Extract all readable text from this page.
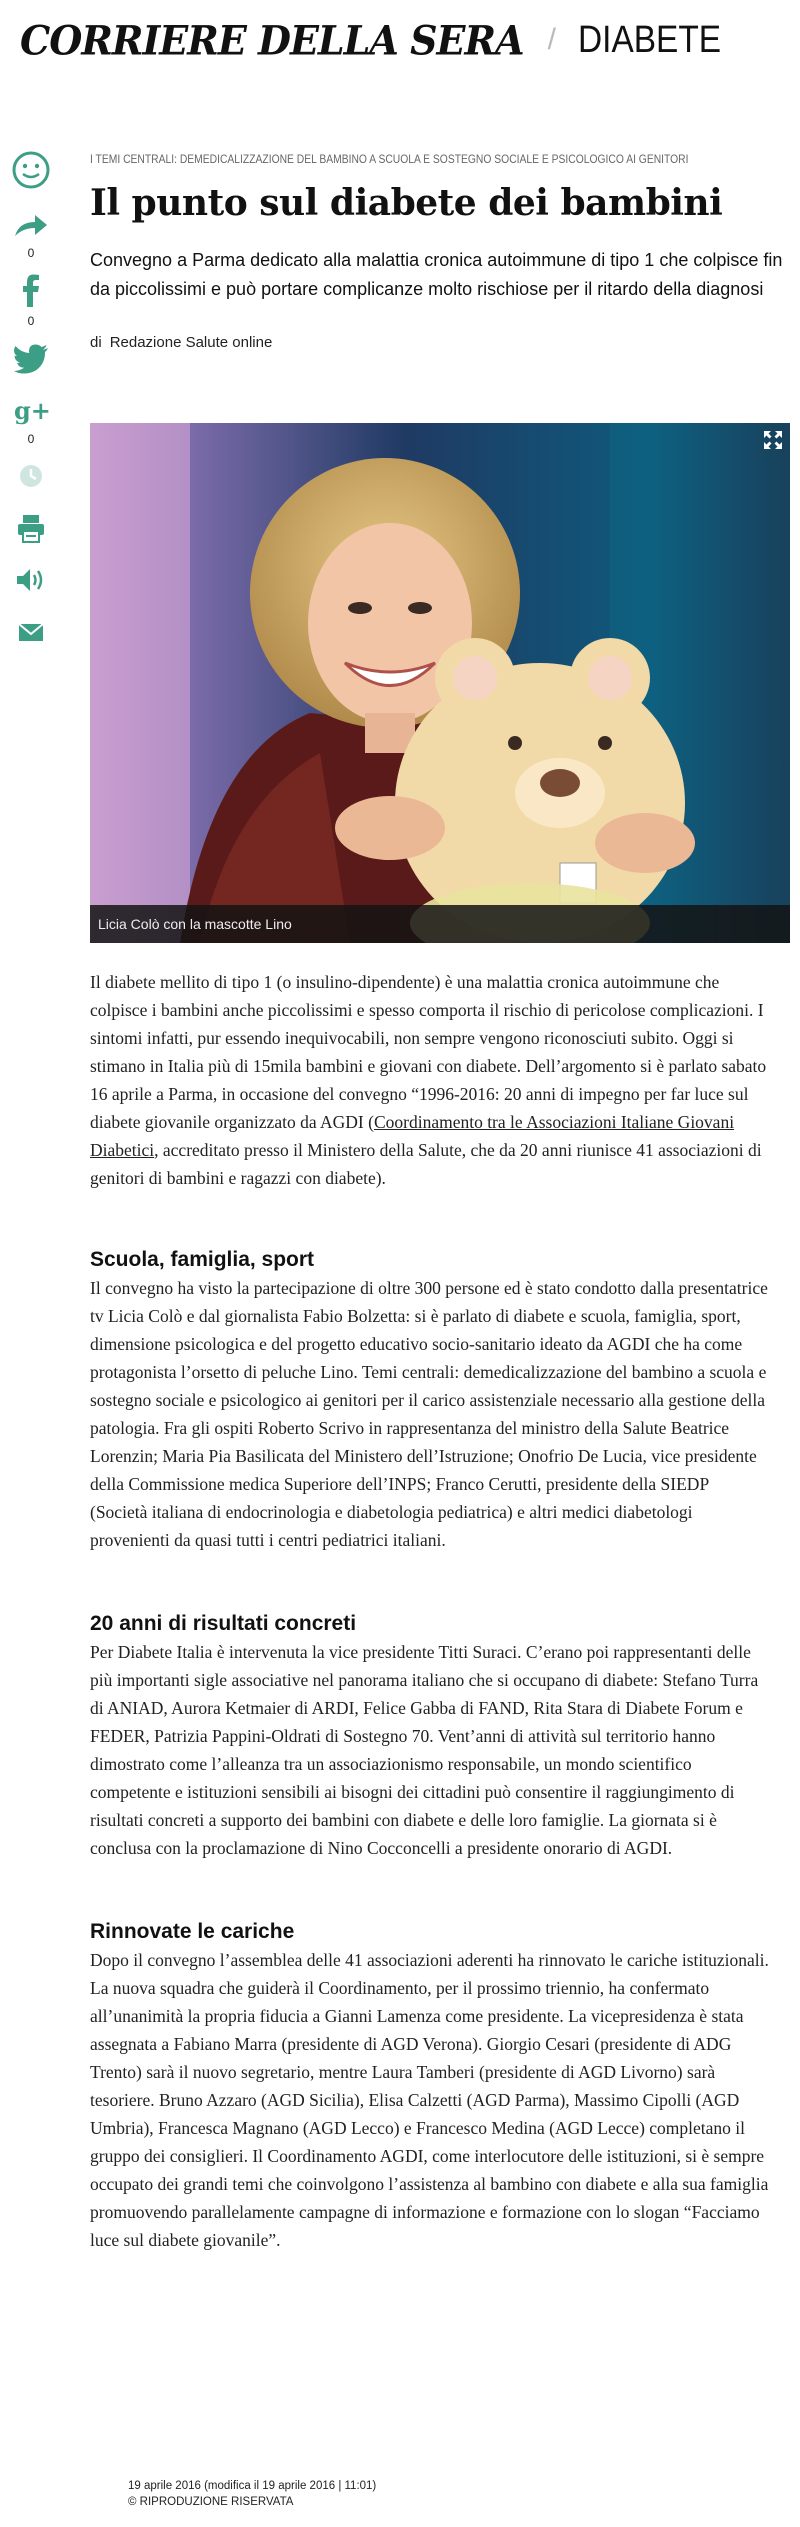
CORRIERE DELLA SERA / DIABETE
0
0
g+
0
I TEMI CENTRALI: DEMEDICALIZZAZIONE DEL BAMBINO A SCUOLA E SOSTEGNO SOCIALE E PSICOLOGICO AI GENITORI
Il punto sul diabete dei bambini
Convegno a Parma dedicato alla malattia cronica autoimmune di tipo 1 che colpisce fin da piccolissimi e può portare complicanze molto rischiose per il ritardo della diagnosi
di Redazione Salute online
Licia Colò con la mascotte Lino

Il diabete mellito di tipo 1 (o insulino-dipendente) è una malattia cronica autoimmune che colpisce i bambini anche piccolissimi e spesso comporta il rischio di pericolose complicazioni. I sintomi infatti, pur essendo inequivocabili, non sempre vengono riconosciuti subito. Oggi si stimano in Italia più di 15mila bambini e giovani con diabete. Dell’argomento si è parlato sabato 16 aprile a Parma, in occasione del convegno “1996-2016: 20 anni di impegno per far luce sul diabete giovanile organizzato da AGDI (Coordinamento tra le Associazioni Italiane Giovani Diabetici, accreditato presso il Ministero della Salute, che da 20 anni riunisce 41 associazioni di genitori di bambini e ragazzi con diabete).

Scuola, famiglia, sport

Il convegno ha visto la partecipazione di oltre 300 persone ed è stato condotto dalla presentatrice tv Licia Colò e dal giornalista Fabio Bolzetta: si è parlato di diabete e scuola, famiglia, sport, dimensione psicologica e del progetto educativo socio-sanitario ideato da AGDI che ha come protagonista l’orsetto di peluche Lino. Temi centrali: demedicalizzazione del bambino a scuola e sostegno sociale e psicologico ai genitori per il carico assistenziale necessario alla gestione della patologia. Fra gli ospiti Roberto Scrivo in rappresentanza del ministro della Salute Beatrice Lorenzin; Maria Pia Basilicata del Ministero dell’Istruzione; Onofrio De Lucia, vice presidente della Commissione medica Superiore dell’INPS; Franco Cerutti, presidente della SIEDP (Società italiana di endocrinologia e diabetologia pediatrica) e altri medici diabetologi provenienti da quasi tutti i centri pediatrici italiani.

20 anni di risultati concreti

Per Diabete Italia è intervenuta la vice presidente Titti Suraci. C’erano poi rappresentanti delle più importanti sigle associative nel panorama italiano che si occupano di diabete: Stefano Turra di ANIAD, Aurora Ketmaier di ARDI, Felice Gabba di FAND, Rita Stara di Diabete Forum e FEDER, Patrizia Pappini-Oldrati di Sostegno 70. Vent’anni di attività sul territorio hanno dimostrato come l’alleanza tra un associazionismo responsabile, un mondo scientifico competente e istituzioni sensibili ai bisogni dei cittadini può consentire il raggiungimento di risultati concreti a supporto dei bambini con diabete e delle loro famiglie. La giornata si è conclusa con la proclamazione di Nino Cocconcelli a presidente onorario di AGDI.

Rinnovate le cariche

Dopo il convegno l’assemblea delle 41 associazioni aderenti ha rinnovato le cariche istituzionali. La nuova squadra che guiderà il Coordinamento, per il prossimo triennio, ha confermato all’unanimità la propria fiducia a Gianni Lamenza come presidente. La vicepresidenza è stata assegnata a Fabiano Marra (presidente di AGD Verona). Giorgio Cesari (presidente di ADG Trento) sarà il nuovo segretario, mentre Laura Tamberi (presidente di AGD Livorno) sarà tesoriere. Bruno Azzaro (AGD Sicilia), Elisa Calzetti (AGD Parma), Massimo Cipolli (AGD Umbria), Francesca Magnano (AGD Lecco) e Francesco Medina (AGD Lecce) completano il gruppo dei consiglieri. Il Coordinamento AGDI, come interlocutore delle istituzioni, si è sempre occupato dei grandi temi che coinvolgono l’assistenza al bambino con diabete e alla sua famiglia promuovendo parallelamente campagne di informazione e formazione con lo slogan “Facciamo luce sul diabete giovanile”.

19 aprile 2016 (modifica il 19 aprile 2016 | 11:01)
© RIPRODUZIONE RISERVATA
